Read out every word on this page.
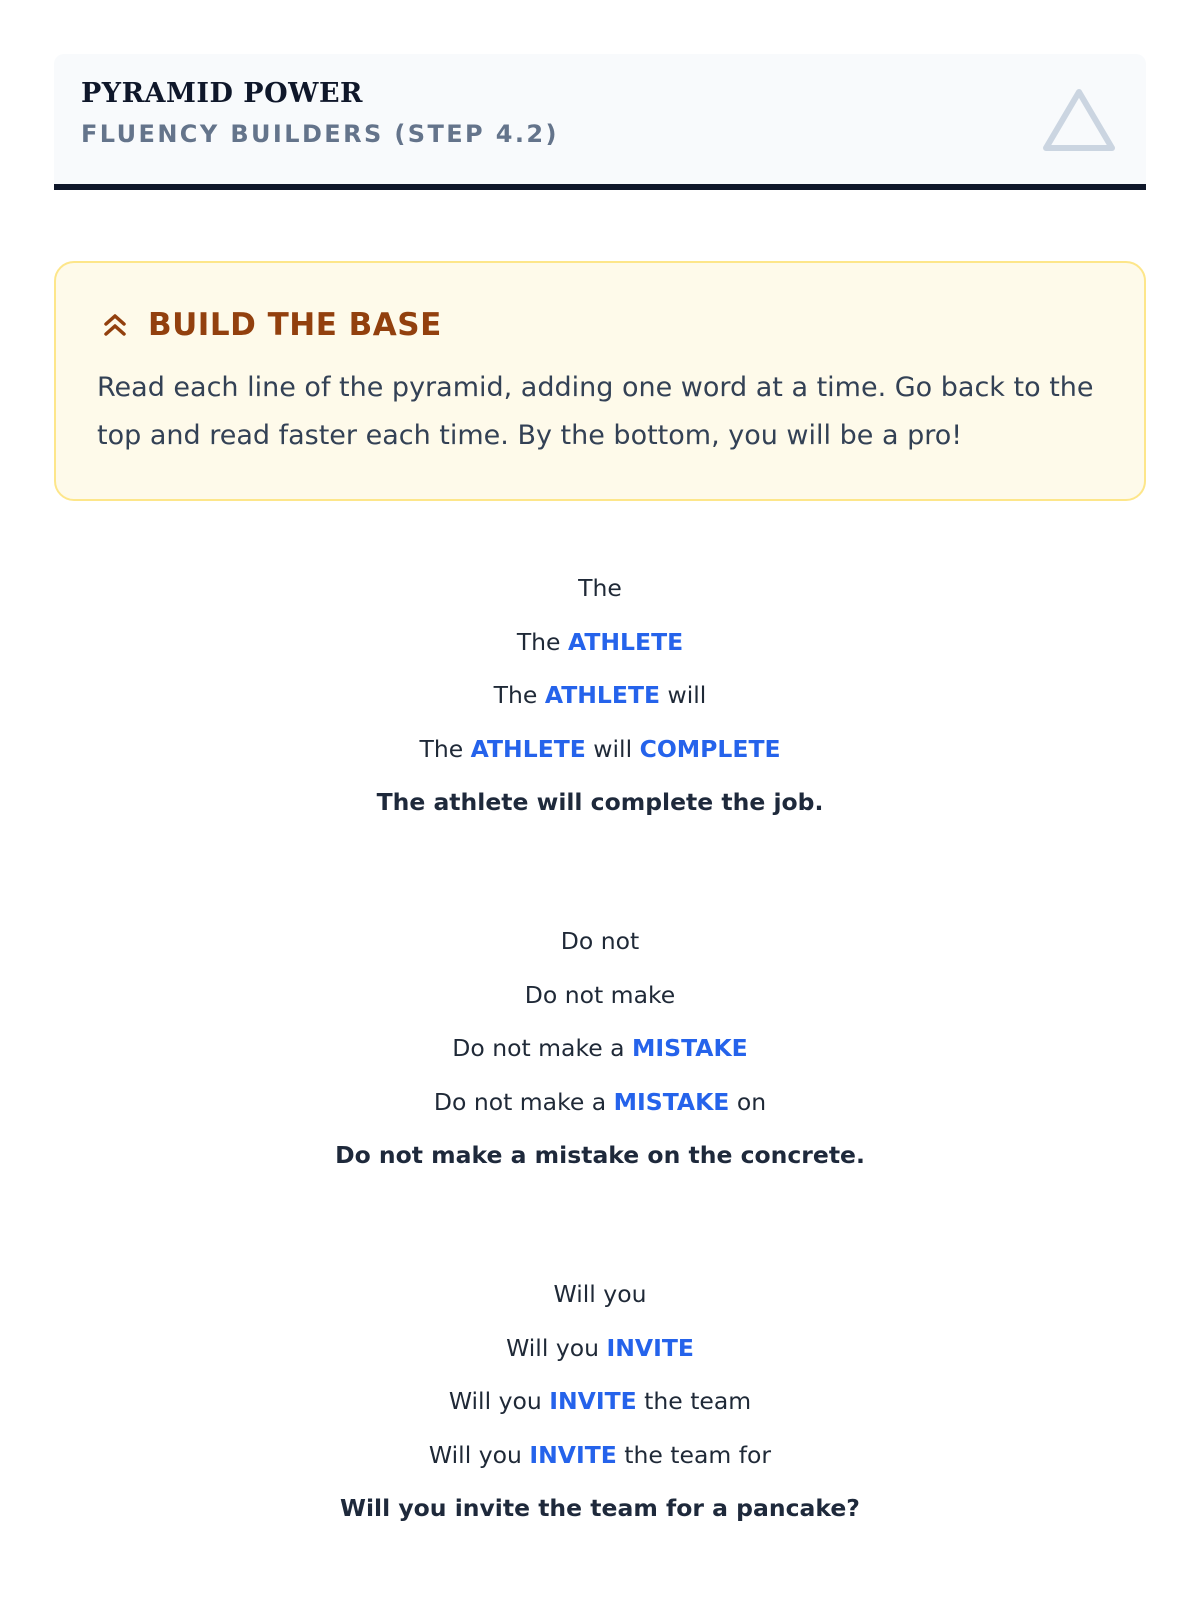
PYRAMID POWER
FLUENCY BUILDERS (STEP 4.2)
BUILD THE BASE
Read each line of the pyramid, adding one word at a time. Go back to the top and read faster each time. By the bottom, you will be a pro!
The
The ATHLETE
The ATHLETE will
The ATHLETE will COMPLETE
The athlete will complete the job.
Do not
Do not make
Do not make a MISTAKE
Do not make a MISTAKE on
Do not make a mistake on the concrete.
Will you
Will you INVITE
Will you INVITE the team
Will you INVITE the team for
Will you invite the team for a pancake?
